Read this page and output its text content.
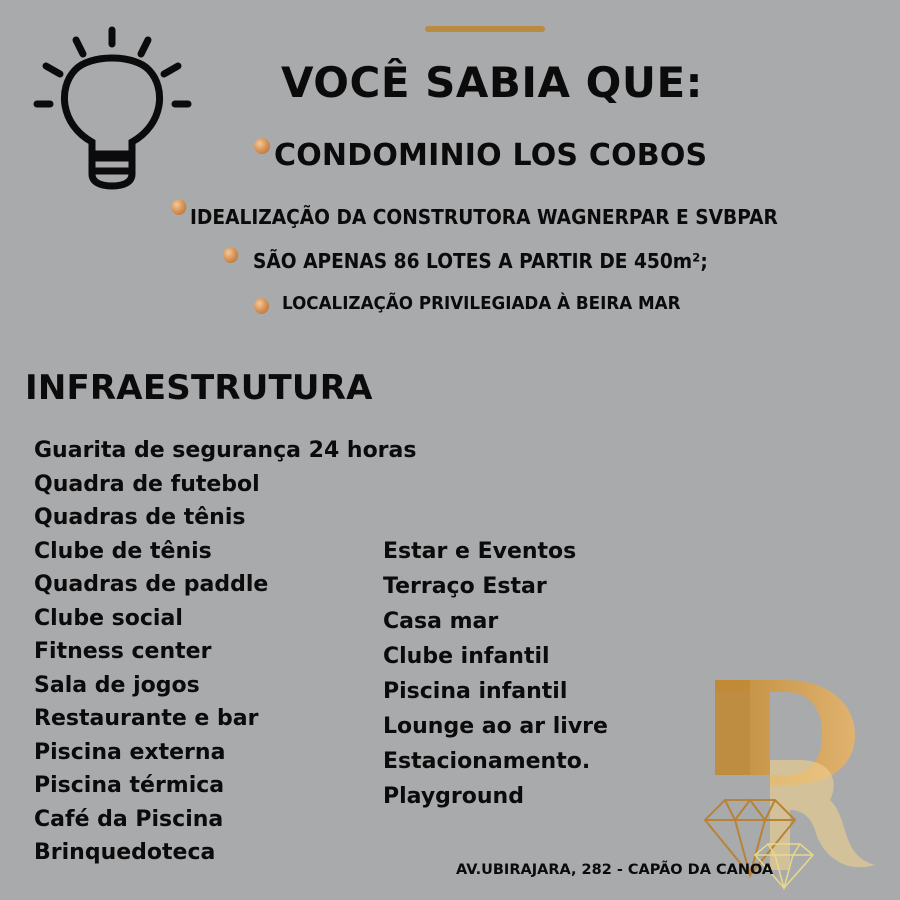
VOCÊ SABIA QUE:
CONDOMINIO LOS COBOS
IDEALIZAÇÃO DA CONSTRUTORA WAGNERPAR E SVBPAR
SÃO APENAS 86 LOTES A PARTIR DE 450m²;
LOCALIZAÇÃO PRIVILEGIADA À BEIRA MAR
INFRAESTRUTURA
Guarita de segurança 24 horas
Quadra de futebol
Quadras de tênis
Clube de tênis
Quadras de paddle
Clube social
Fitness center
Sala de jogos
Restaurante e bar
Piscina externa
Piscina térmica
Café da Piscina
Brinquedoteca
Estar e Eventos
Terraço Estar
Casa mar
Clube infantil
Piscina infantil
Lounge ao ar livre
Estacionamento.
Playground
AV.UBIRAJARA, 282 - CAPÃO DA CANOA
